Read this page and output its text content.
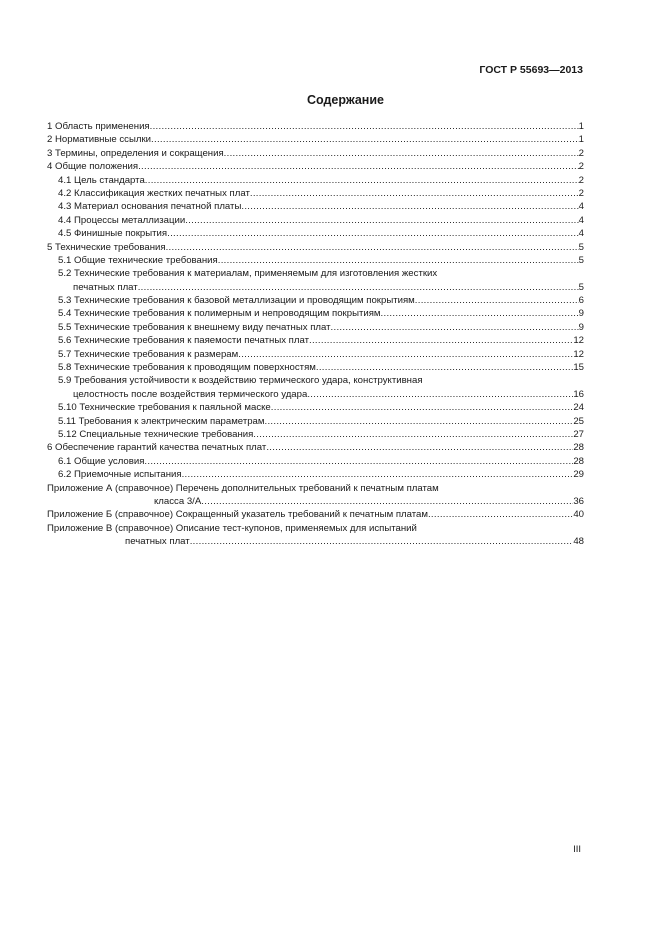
ГОСТ Р 55693—2013
Содержание
1 Область применения .....	1
2 Нормативные ссылки .....	1
3 Термины, определения и сокращения .....	2
4 Общие положения .....	2
4.1 Цель стандарта .....	2
4.2 Классификация жестких печатных плат .....	2
4.3 Материал основания печатной платы .....	4
4.4 Процессы металлизации .....	4
4.5 Финишные покрытия .....	4
5 Технические требования .....	5
5.1 Общие технические требования .....	5
5.2 Технические требования к материалам, применяемым для изготовления жестких
печатных плат .....	5
5.3 Технические требования к базовой металлизации и проводящим покрытиям .....	6
5.4 Технические требования к полимерным и непроводящим покрытиям .....	9
5.5 Технические требования к внешнему виду печатных плат .....	9
5.6 Технические требования к паяемости печатных плат .....	12
5.7 Технические требования к размерам .....	12
5.8 Технические требования к проводящим поверхностям .....	15
5.9 Требования устойчивости к воздействию термического удара, конструктивная
целостность после воздействия термического удара .....	16
5.10 Технические требования к паяльной маске .....	24
5.11 Требования к электрическим параметрам .....	25
5.12 Специальные технические требования .....	27
6 Обеспечение гарантий качества печатных плат .....	28
6.1 Общие условия .....	28
6.2 Приемочные испытания .....	29
Приложение А (справочное) Перечень дополнительных требований к печатным платам
класса 3/А .....	36
Приложение Б (справочное) Сокращенный указатель требований к печатным платам .....	40
Приложение В (справочное) Описание тест-купонов, применяемых для испытаний
печатных плат .....	48
III
